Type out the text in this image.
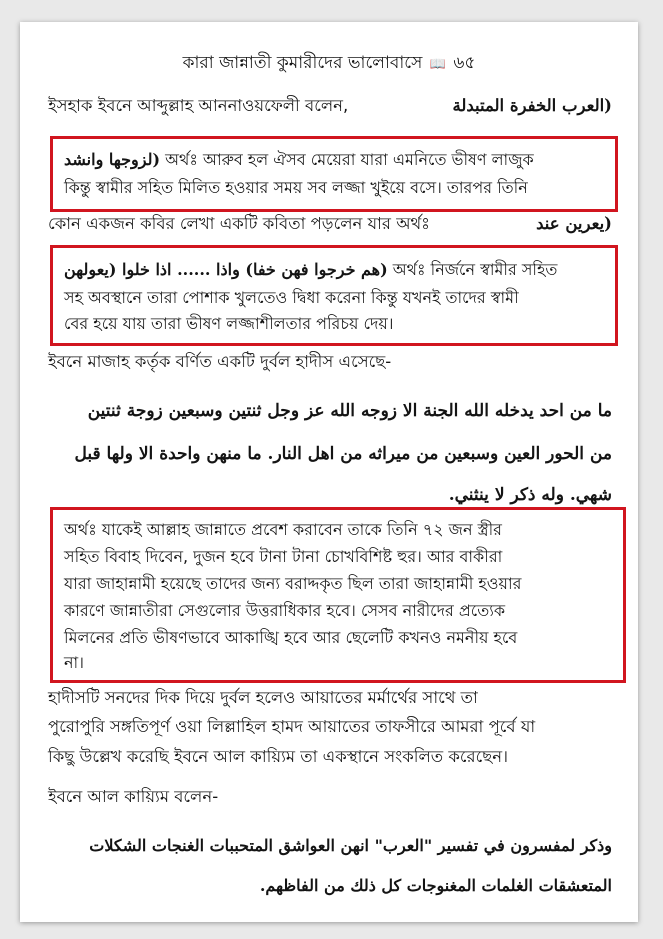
কারা জান্নাতী কুমারীদের ভালোবাসে 📖 ৬৫
ইসহাক ইবনে আব্দুল্লাহ আননাওয়ফেলী বলেন,	(العرب الخفرة المتبدلة
(لزوجها وانشد অর্থঃ আরুব হল ঐসব মেয়েরা যারা এমনিতে ভীষণ লাজুক
কিন্তু স্বামীর সহিত মিলিত হওয়ার সময় সব লজ্জা খুইয়ে বসে। তারপর তিনি
কোন একজন কবির লেখা একটি কবিতা পড়লেন যার অর্থঃ	(يعرين عند
(هم خرجوا فهن خفا) واذا ...... اذا خلوا (يعولهن অর্থঃ নির্জনে স্বামীর সহিত
সহ অবস্থানে তারা পোশাক খুলতেও দ্বিধা করেনা কিন্তু যখনই তাদের স্বামী
বের হয়ে যায় তারা ভীষণ লজ্জাশীলতার পরিচয় দেয়।
ইবনে মাজাহ কর্তৃক বর্ণিত একটি দুর্বল হাদীস এসেছে-
ما من احد يدخله الله الجنة الا زوجه الله عز وجل ثنتين وسبعين زوجة ثنتين
من الحور العين وسبعين من ميراثه من اهل النار. ما منهن واحدة الا ولها قبل
شهي. وله ذكر لا ينثني.
অর্থঃ যাকেই আল্লাহ জান্নাতে প্রবেশ করাবেন তাকে তিনি ৭২ জন স্ত্রীর
সহিত বিবাহ দিবেন, দুজন হবে টানা টানা চোখবিশিষ্ট হুর। আর বাকীরা
যারা জাহান্নামী হয়েছে তাদের জন্য বরাদ্দকৃত ছিল তারা জাহান্নামী হওয়ার
কারণে জান্নাতীরা সেগুলোর উত্তরাধিকার হবে। সেসব নারীদের প্রত্যেক
মিলনের প্রতি ভীষণভাবে আকাঙ্খি হবে আর ছেলেটি কখনও নমনীয় হবে
না।
হাদীসটি সনদের দিক দিয়ে দুর্বল হলেও আয়াতের মর্মার্থের সাথে তা
পুরোপুরি সঙ্গতিপূর্ণ ওয়া লিল্লাহিল হামদ আয়াতের তাফসীরে আমরা পূর্বে যা
কিছু উল্লেখ করেছি ইবনে আল কায়্যিম তা একস্থানে সংকলিত করেছেন।
ইবনে আল কায়্যিম বলেন-
وذكر لمفسرون في تفسير "العرب" انهن العواشق المتحببات الغنجات الشكلات
المتعشقات الغلمات المغنوجات كل ذلك من الفاظهم.
